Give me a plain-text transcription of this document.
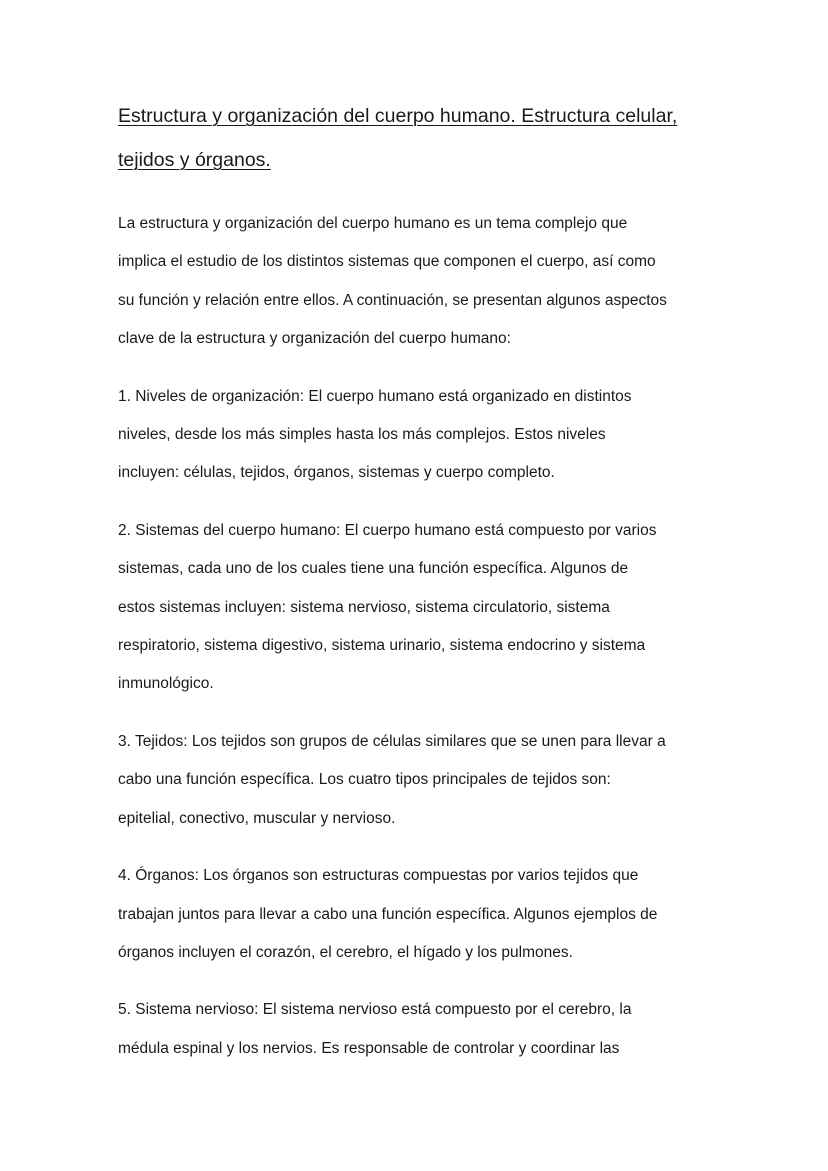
Estructura y organización del cuerpo humano. Estructura celular,
tejidos y órganos.

La estructura y organización del cuerpo humano es un tema complejo que
implica el estudio de los distintos sistemas que componen el cuerpo, así como
su función y relación entre ellos. A continuación, se presentan algunos aspectos
clave de la estructura y organización del cuerpo humano:

1. Niveles de organización: El cuerpo humano está organizado en distintos
niveles, desde los más simples hasta los más complejos. Estos niveles
incluyen: células, tejidos, órganos, sistemas y cuerpo completo.

2. Sistemas del cuerpo humano: El cuerpo humano está compuesto por varios
sistemas, cada uno de los cuales tiene una función específica. Algunos de
estos sistemas incluyen: sistema nervioso, sistema circulatorio, sistema
respiratorio, sistema digestivo, sistema urinario, sistema endocrino y sistema
inmunológico.

3. Tejidos: Los tejidos son grupos de células similares que se unen para llevar a
cabo una función específica. Los cuatro tipos principales de tejidos son:
epitelial, conectivo, muscular y nervioso.

4. Órganos: Los órganos son estructuras compuestas por varios tejidos que
trabajan juntos para llevar a cabo una función específica. Algunos ejemplos de
órganos incluyen el corazón, el cerebro, el hígado y los pulmones.

5. Sistema nervioso: El sistema nervioso está compuesto por el cerebro, la
médula espinal y los nervios. Es responsable de controlar y coordinar las
